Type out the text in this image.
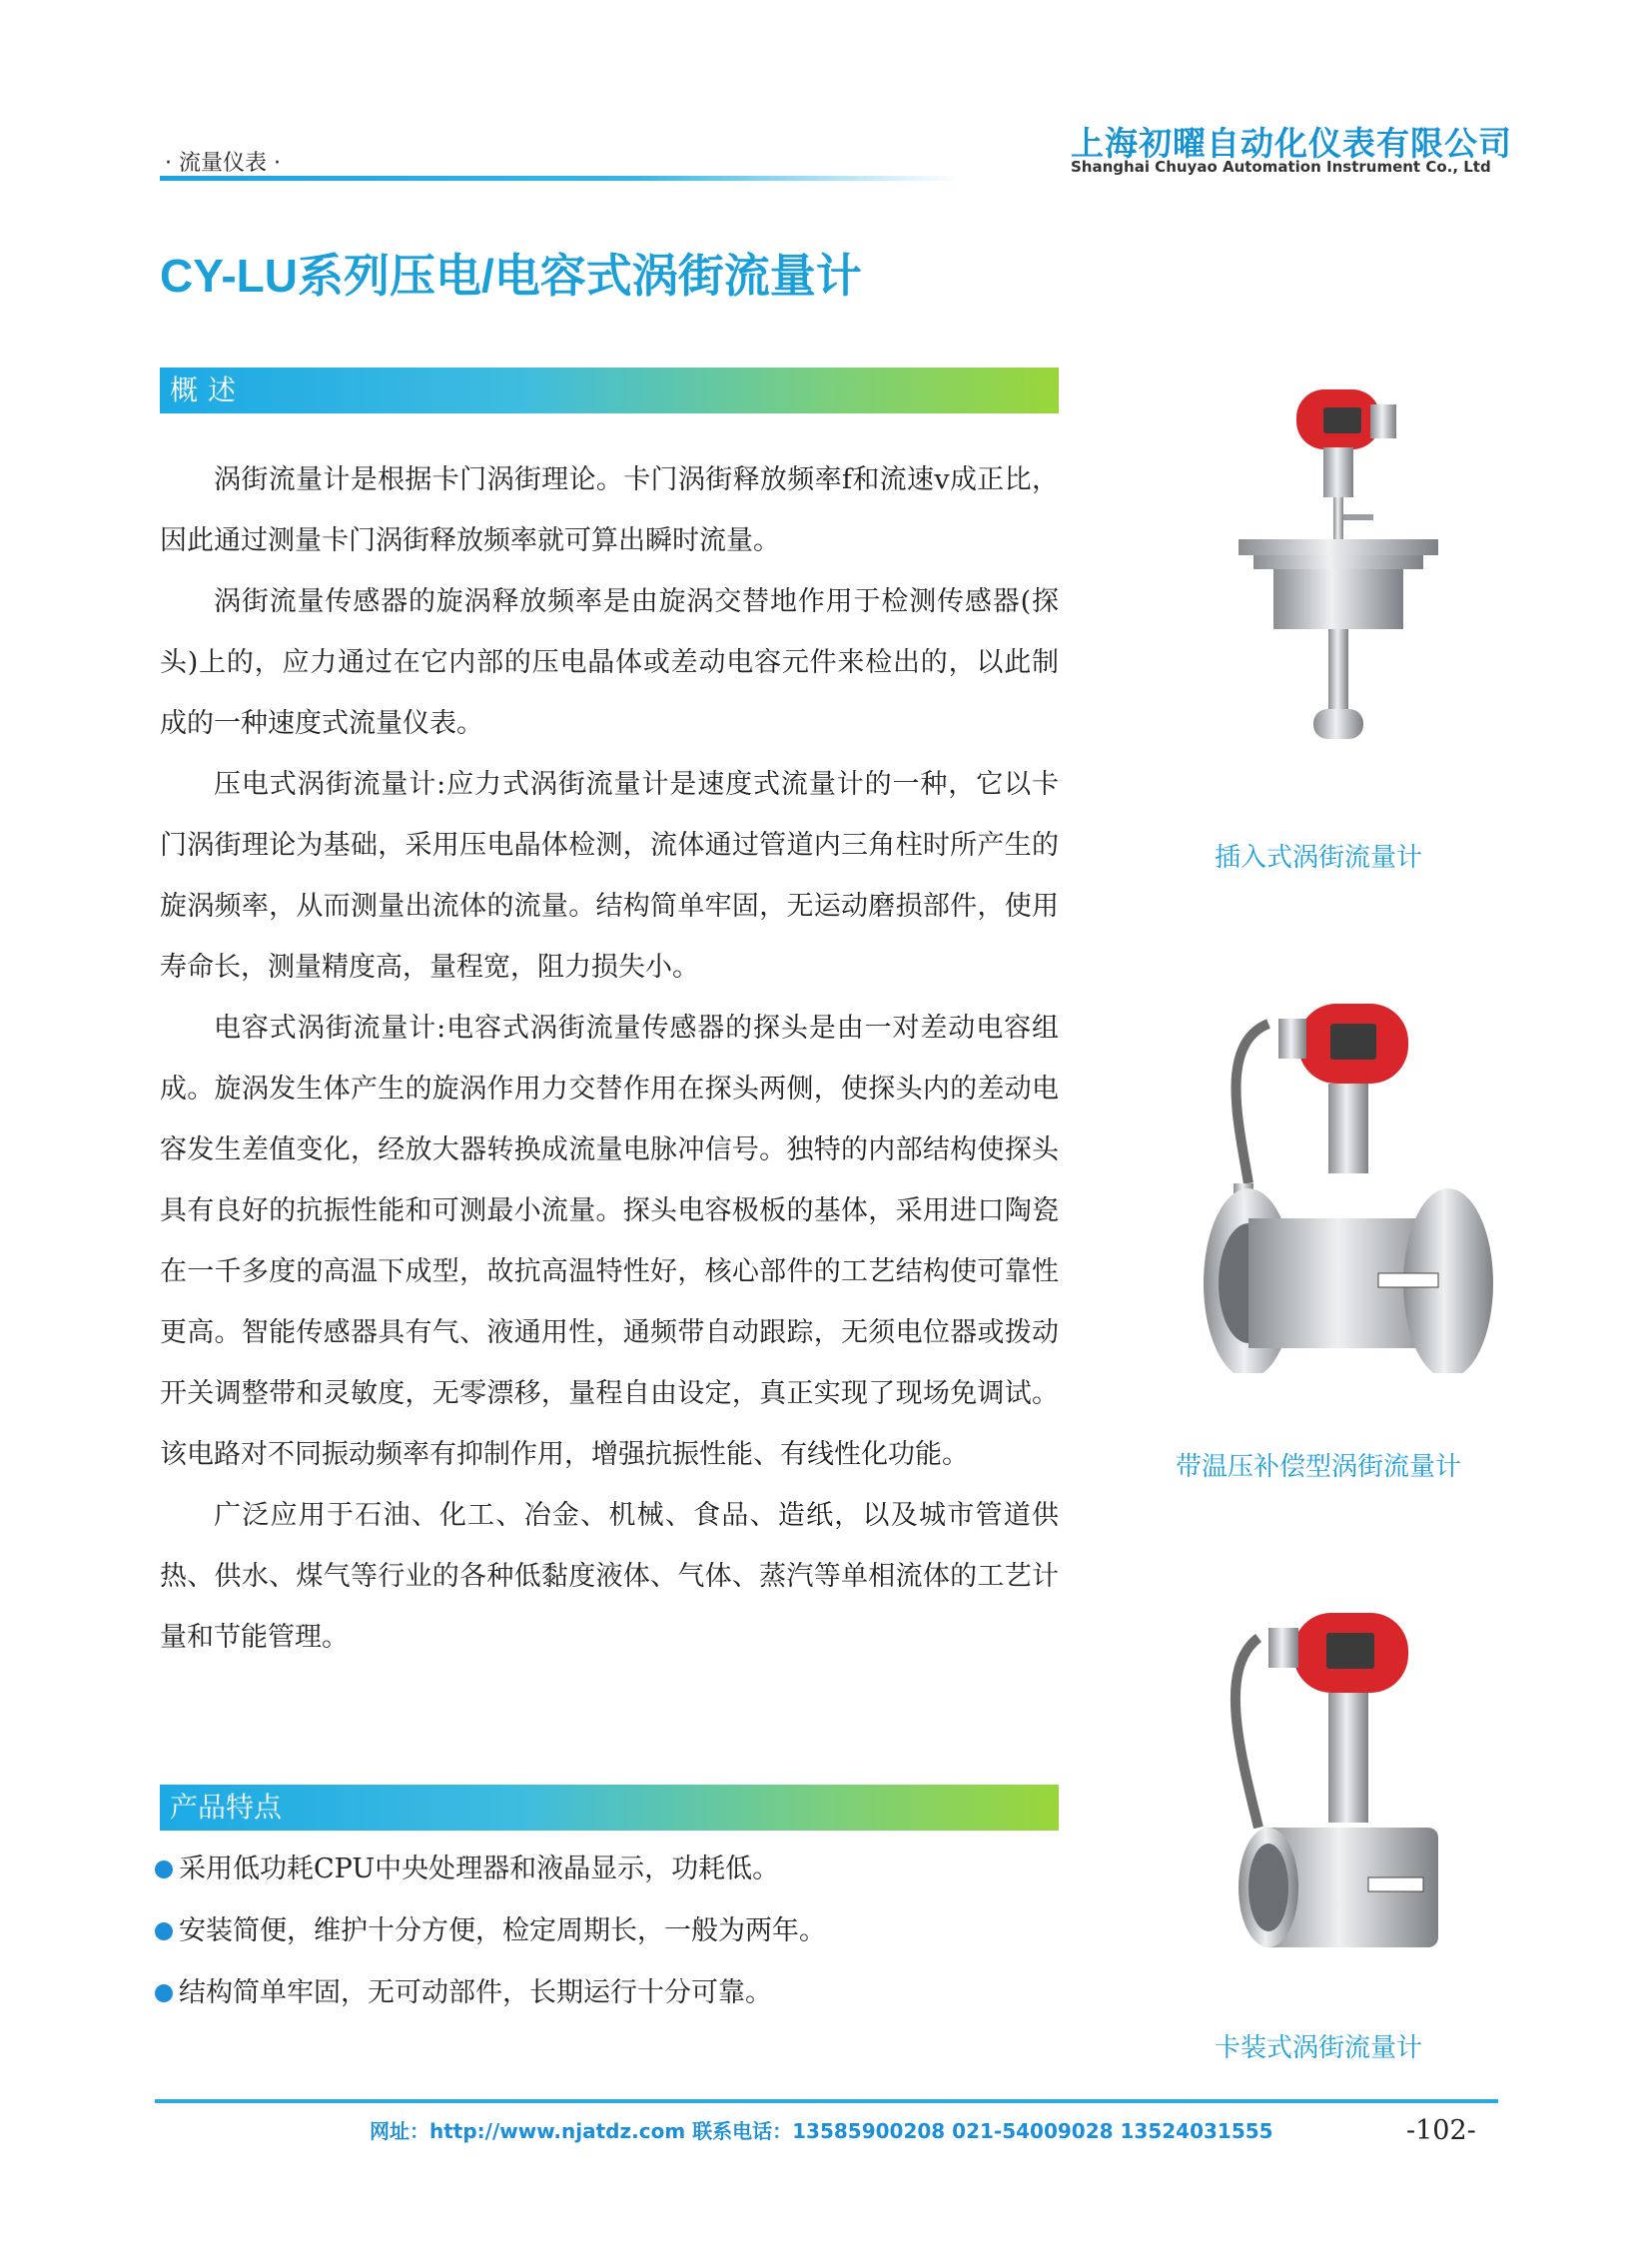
· 流量仪表 ·
上海初曜自动化仪表有限公司
Shanghai Chuyao Automation Instrument Co., Ltd
CY-LU系列压电/电容式涡街流量计
概述

涡街流量计是根据卡门涡街理论。卡门涡街释放频率f和流速v成正比，因此通过测量卡门涡街释放频率就可算出瞬时流量。

涡街流量传感器的旋涡释放频率是由旋涡交替地作用于检测传感器(探头)上的，应力通过在它内部的压电晶体或差动电容元件来检出的，以此制成的一种速度式流量仪表。

压电式涡街流量计:应力式涡街流量计是速度式流量计的一种，它以卡门涡街理论为基础，采用压电晶体检测，流体通过管道内三角柱时所产生的旋涡频率，从而测量出流体的流量。结构简单牢固，无运动磨损部件，使用寿命长，测量精度高，量程宽，阻力损失小。

电容式涡街流量计:电容式涡街流量传感器的探头是由一对差动电容组成。旋涡发生体产生的旋涡作用力交替作用在探头两侧，使探头内的差动电容发生差值变化，经放大器转换成流量电脉冲信号。独特的内部结构使探头具有良好的抗振性能和可测最小流量。探头电容极板的基体，采用进口陶瓷在一千多度的高温下成型，故抗高温特性好，核心部件的工艺结构使可靠性更高。智能传感器具有气、液通用性，通频带自动跟踪，无须电位器或拨动开关调整带和灵敏度，无零漂移，量程自由设定，真正实现了现场免调试。该电路对不同振动频率有抑制作用，增强抗振性能、有线性化功能。

广泛应用于石油、化工、冶金、机械、食品、造纸，以及城市管道供热、供水、煤气等行业的各种低黏度液体、气体、蒸汽等单相流体的工艺计量和节能管理。

产品特点
采用低功耗CPU中央处理器和液晶显示，功耗低。
安装简便，维护十分方便，检定周期长，一般为两年。
结构简单牢固，无可动部件，长期运行十分可靠。
插入式涡街流量计
带温压补偿型涡街流量计
卡装式涡街流量计
网址：http://www.njatdz.com 联系电话：13585900208 021-54009028 13524031555	-102-
